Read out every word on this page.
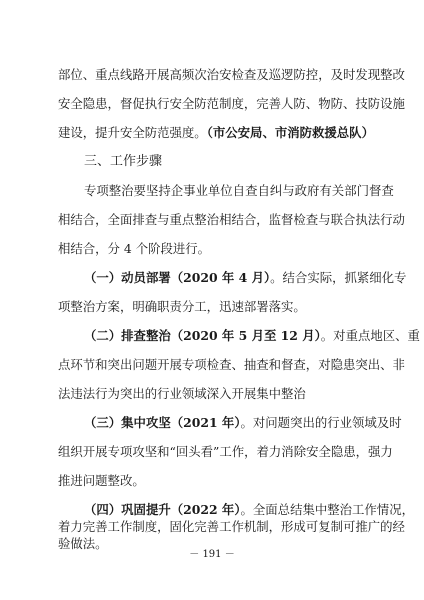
部位、重点线路开展高频次治安检查及巡逻防控，及时发现整改
安全隐患，督促执行安全防范制度，完善人防、物防、技防设施
建设，提升安全防范强度。（市公安局、市消防救援总队）
三、工作步骤
专项整治要坚持企事业单位自查自纠与政府有关部门督查
相结合，全面排查与重点整治相结合，监督检查与联合执法行动
相结合，分 4 个阶段进行。
（一）动员部署（2020 年 4 月）。结合实际，抓紧细化专
项整治方案，明确职责分工，迅速部署落实。
（二）排查整治（2020 年 5 月至 12 月）。对重点地区、重
点环节和突出问题开展专项检查、抽查和督查，对隐患突出、非
法违法行为突出的行业领域深入开展集中整治
（三）集中攻坚（2021 年）。对问题突出的行业领域及时
组织开展专项攻坚和“回头看”工作，着力消除安全隐患，强力
推进问题整改。
（四）巩固提升（2022 年）。全面总结集中整治工作情况，
着力完善工作制度，固化完善工作机制，形成可复制可推广的经
验做法。
－ 191 －
